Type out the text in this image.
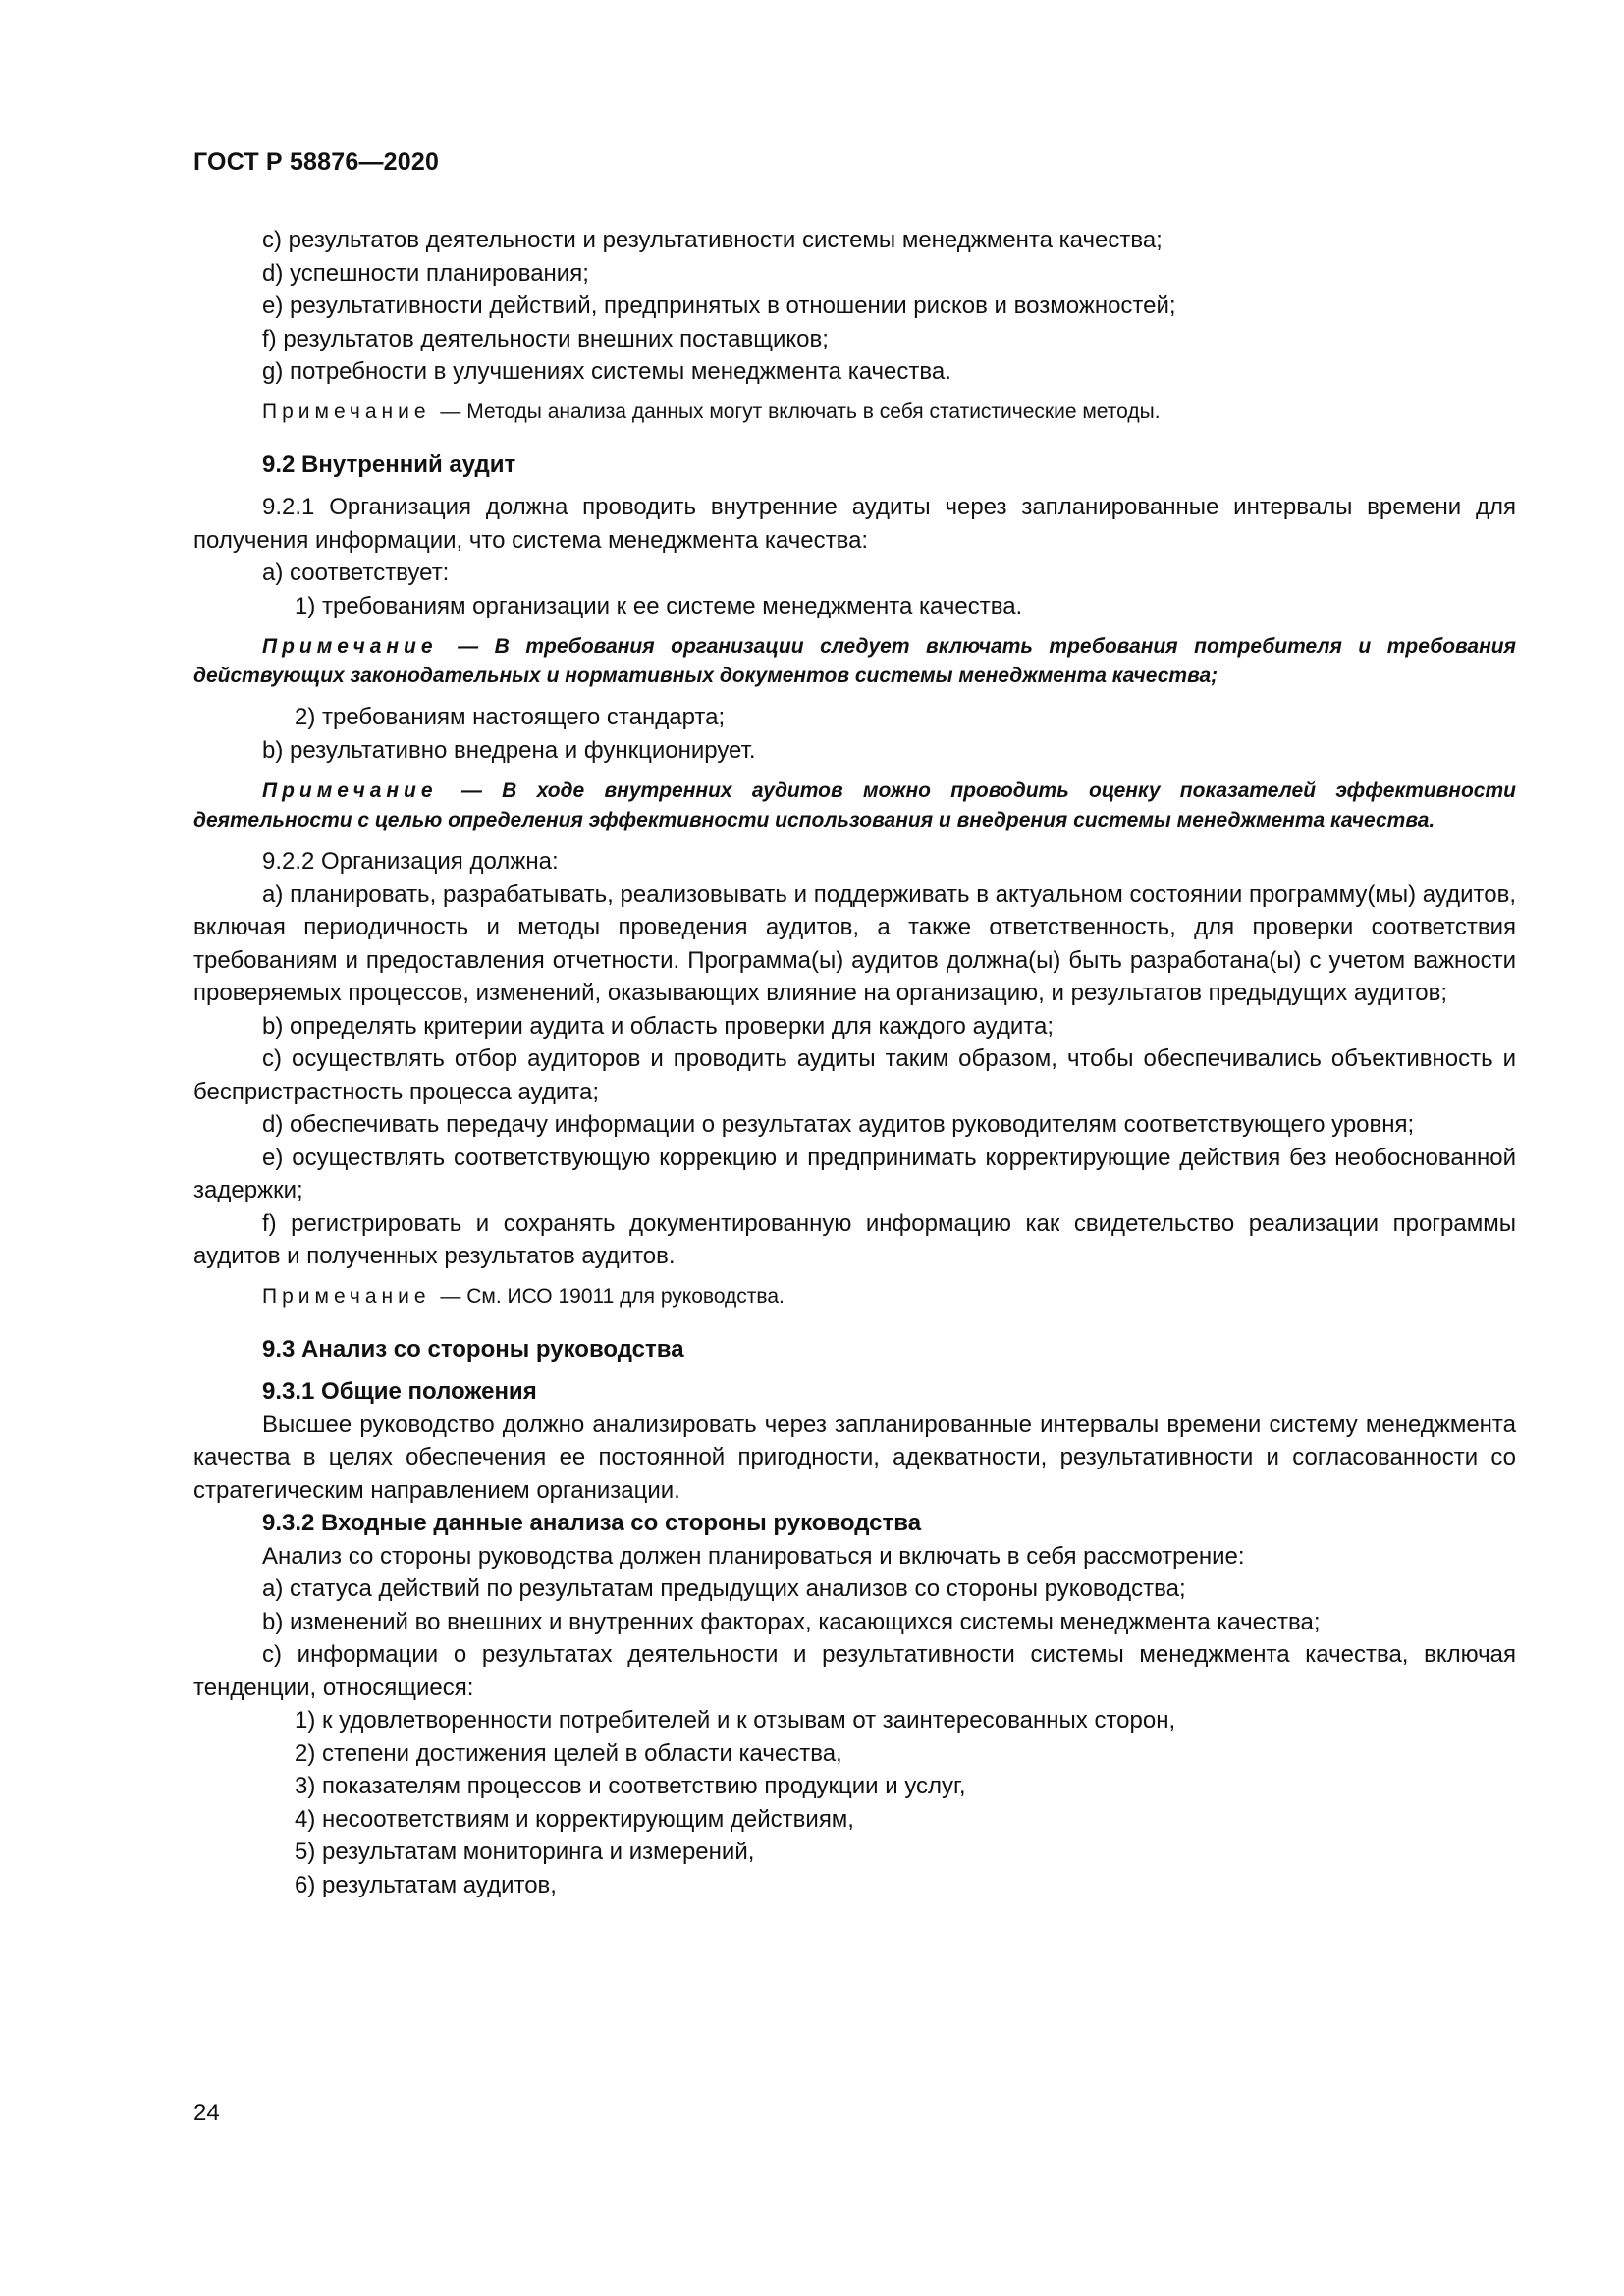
ГОСТ Р 58876—2020

с) результатов деятельности и результативности системы менеджмента качества;

d) успешности планирования;

е) результативности действий, предпринятых в отношении рисков и возможностей;

f) результатов деятельности внешних поставщиков;

g) потребности в улучшениях системы менеджмента качества.

Примечание — Методы анализа данных могут включать в себя статистические методы.

9.2 Внутренний аудит

9.2.1 Организация должна проводить внутренние аудиты через запланированные интервалы времени для получения информации, что система менеджмента качества:

а) соответствует:

1) требованиям организации к ее системе менеджмента качества.

Примечание — В требования организации следует включать требования потребителя и требования действующих законодательных и нормативных документов системы менеджмента качества;

2) требованиям настоящего стандарта;

b) результативно внедрена и функционирует.

Примечание — В ходе внутренних аудитов можно проводить оценку показателей эффективности деятельности с целью определения эффективности использования и внедрения системы менеджмента качества.

9.2.2 Организация должна:

а) планировать, разрабатывать, реализовывать и поддерживать в актуальном состоянии программу(мы) аудитов, включая периодичность и методы проведения аудитов, а также ответственность, для проверки соответствия требованиям и предоставления отчетности. Программа(ы) аудитов должна(ы) быть разработана(ы) с учетом важности проверяемых процессов, изменений, оказывающих влияние на организацию, и результатов предыдущих аудитов;

b) определять критерии аудита и область проверки для каждого аудита;

с) осуществлять отбор аудиторов и проводить аудиты таким образом, чтобы обеспечивались объективность и беспристрастность процесса аудита;

d) обеспечивать передачу информации о результатах аудитов руководителям соответствующего уровня;

е) осуществлять соответствующую коррекцию и предпринимать корректирующие действия без необоснованной задержки;

f) регистрировать и сохранять документированную информацию как свидетельство реализации программы аудитов и полученных результатов аудитов.

Примечание — См. ИСО 19011 для руководства.

9.3 Анализ со стороны руководства

9.3.1 Общие положения

Высшее руководство должно анализировать через запланированные интервалы времени систему менеджмента качества в целях обеспечения ее постоянной пригодности, адекватности, результативности и согласованности со стратегическим направлением организации.

9.3.2 Входные данные анализа со стороны руководства

Анализ со стороны руководства должен планироваться и включать в себя рассмотрение:

а) статуса действий по результатам предыдущих анализов со стороны руководства;

b) изменений во внешних и внутренних факторах, касающихся системы менеджмента качества;

с) информации о результатах деятельности и результативности системы менеджмента качества, включая тенденции, относящиеся:

1) к удовлетворенности потребителей и к отзывам от заинтересованных сторон,

2) степени достижения целей в области качества,

3) показателям процессов и соответствию продукции и услуг,

4) несоответствиям и корректирующим действиям,

5) результатам мониторинга и измерений,

6) результатам аудитов,

24
